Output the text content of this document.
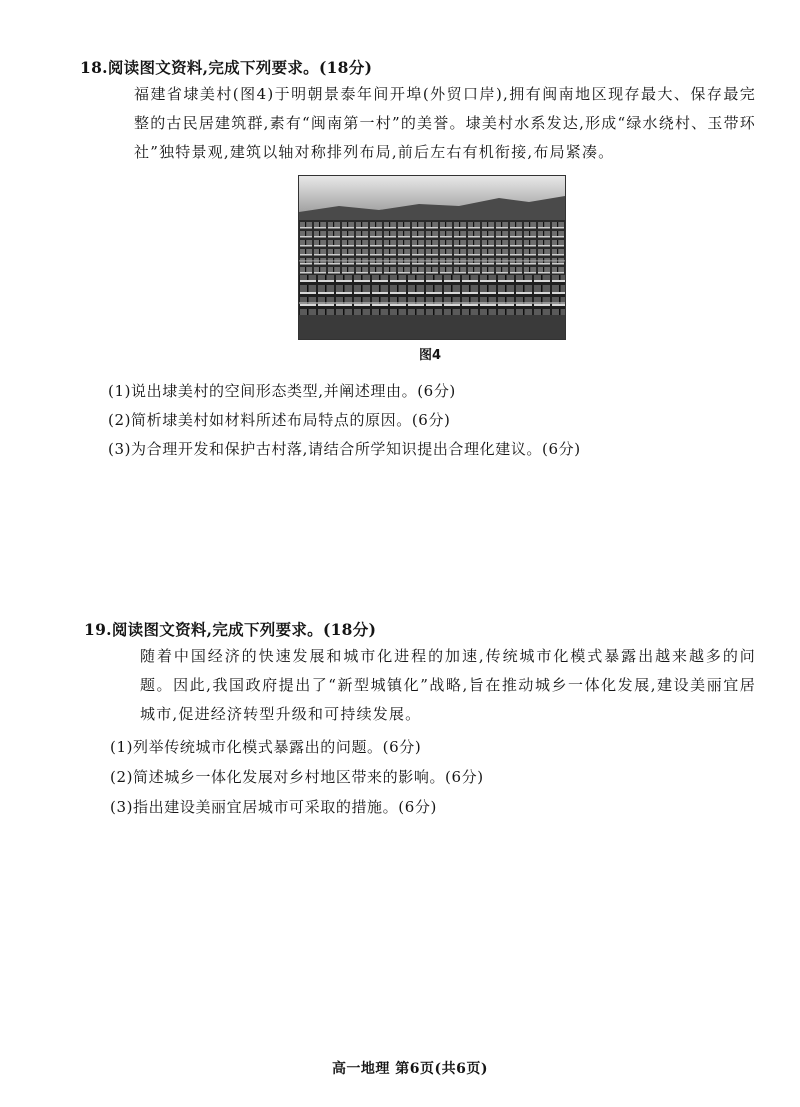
18.阅读图文资料,完成下列要求。(18分)
福建省埭美村(图4)于明朝景泰年间开埠(外贸口岸),拥有闽南地区现存最大、保存最完整的古民居建筑群,素有“闽南第一村”的美誉。埭美村水系发达,形成“绿水绕村、玉带环社”独特景观,建筑以轴对称排列布局,前后左右有机衔接,布局紧凑。
图4
(1)说出埭美村的空间形态类型,并阐述理由。(6分)
(2)简析埭美村如材料所述布局特点的原因。(6分)
(3)为合理开发和保护古村落,请结合所学知识提出合理化建议。(6分)
19.阅读图文资料,完成下列要求。(18分)
随着中国经济的快速发展和城市化进程的加速,传统城市化模式暴露出越来越多的问题。因此,我国政府提出了“新型城镇化”战略,旨在推动城乡一体化发展,建设美丽宜居城市,促进经济转型升级和可持续发展。
(1)列举传统城市化模式暴露出的问题。(6分)
(2)简述城乡一体化发展对乡村地区带来的影响。(6分)
(3)指出建设美丽宜居城市可采取的措施。(6分)
高一地理 第6页(共6页)
